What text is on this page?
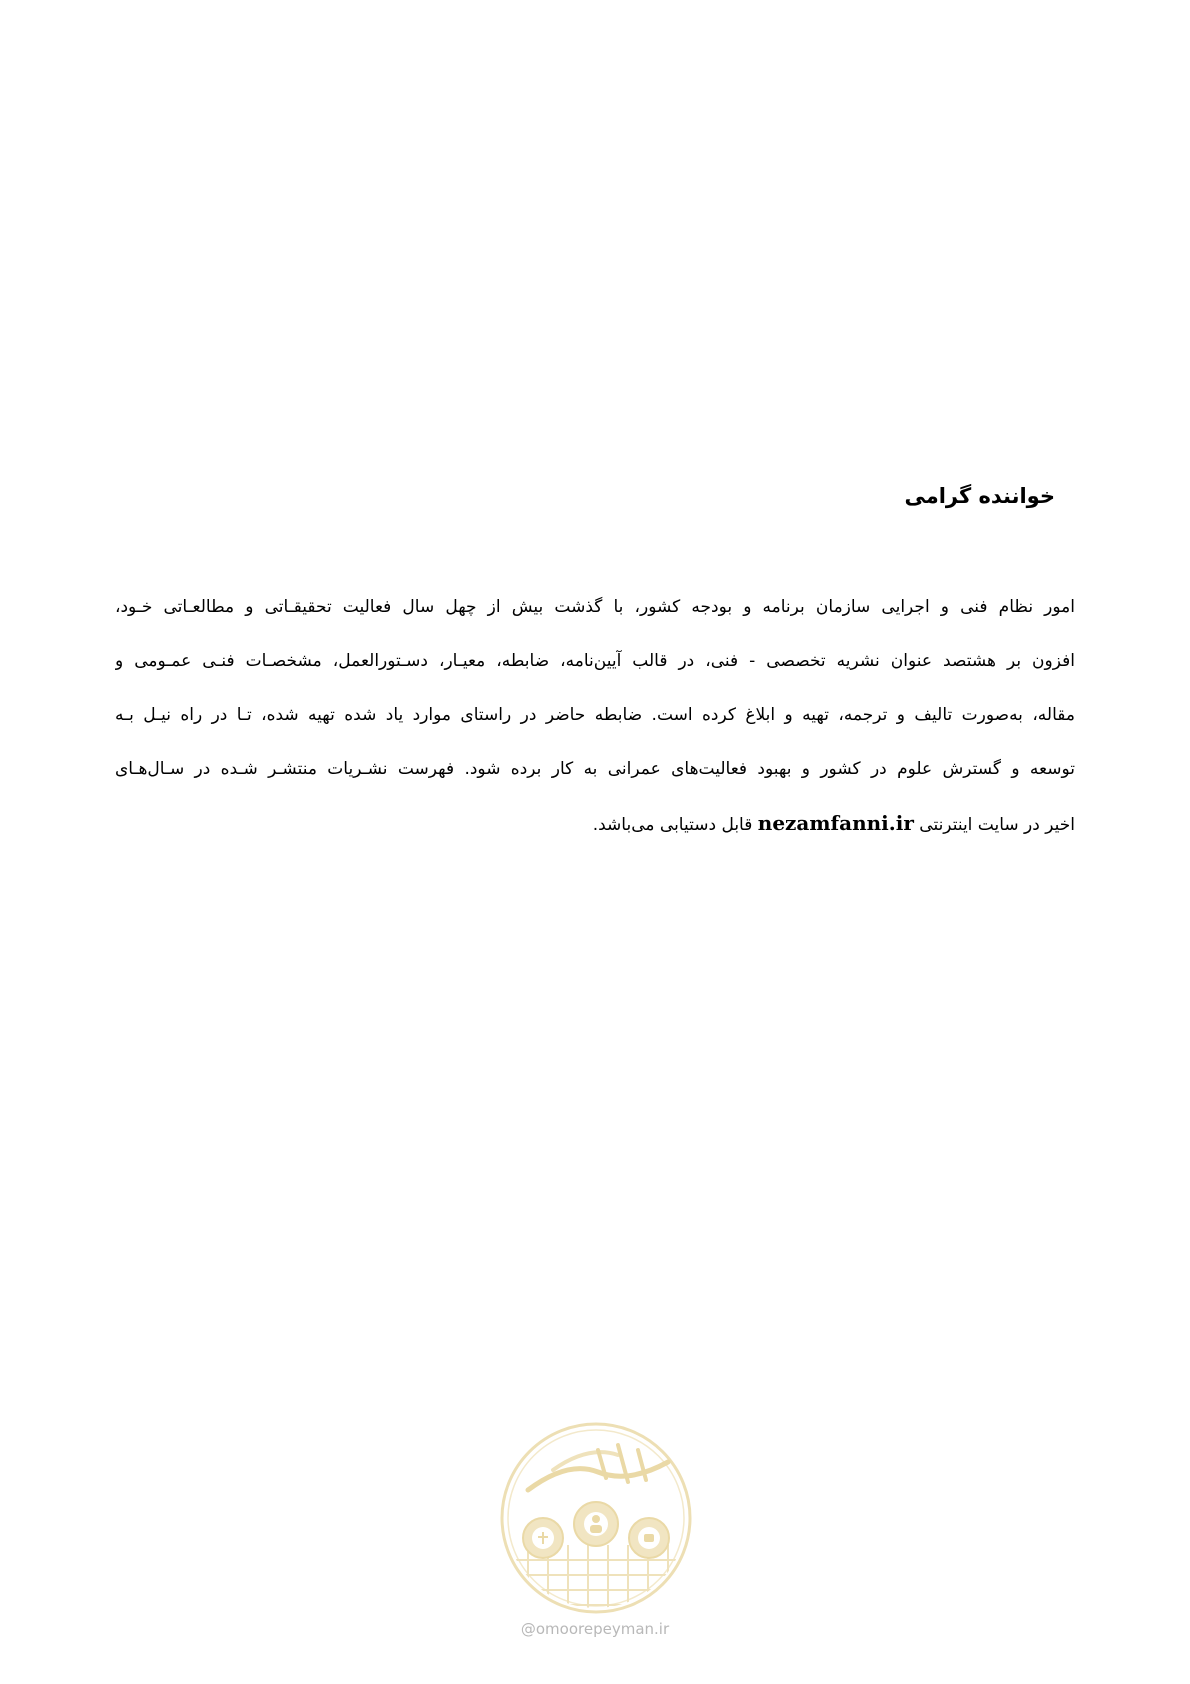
خواننده گرامی
امور نظام فنی و اجرایی سازمان برنامه و بودجه کشور، با گذشت بیش از چهل سال فعالیت تحقیقـاتی و مطالعـاتی خـود،
افزون بر هشتصد عنوان نشریه تخصصی - فنی، در قالب آیین‌نامه، ضابطه، معیـار، دسـتورالعمل، مشخصـات فنـی عمـومی و
مقاله، به‌صورت تالیف و ترجمه، تهیه و ابلاغ کرده است. ضابطه حاضر در راستای موارد یاد شده تهیه شده، تـا در راه نیـل بـه
توسعه و گسترش علوم در کشور و بهبود فعالیت‌های عمرانی به کار برده شود. فهرست نشـریات منتشـر شـده در سـال‌هـای
اخیر در سایت اینترنتی nezamfanni.ir قابل دستیابی می‌باشد.
@omoorepeyman.ir
